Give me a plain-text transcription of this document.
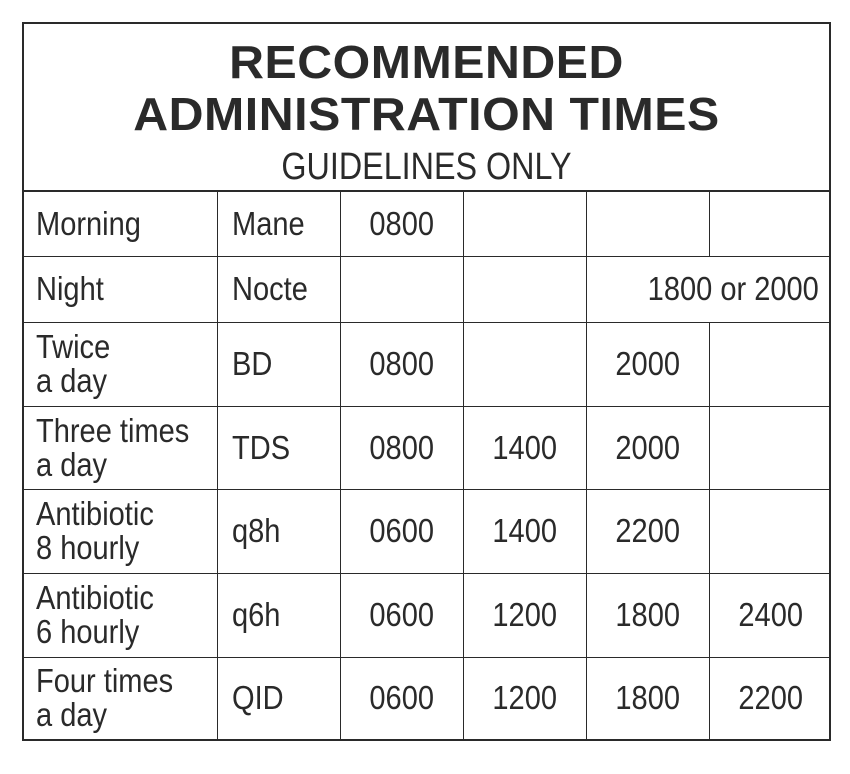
RECOMMENDED
ADMINISTRATION TIMES
GUIDELINES ONLY
Morning	Mane	0800			
Night	Nocte			1800 or 2000	
Twice
a day	BD	0800		2000	
Three times
a day	TDS	0800	1400	2000	
Antibiotic
8 hourly	q8h	0600	1400	2200	
Antibiotic
6 hourly	q6h	0600	1200	1800	2400
Four times
a day	QID	0600	1200	1800	2200
